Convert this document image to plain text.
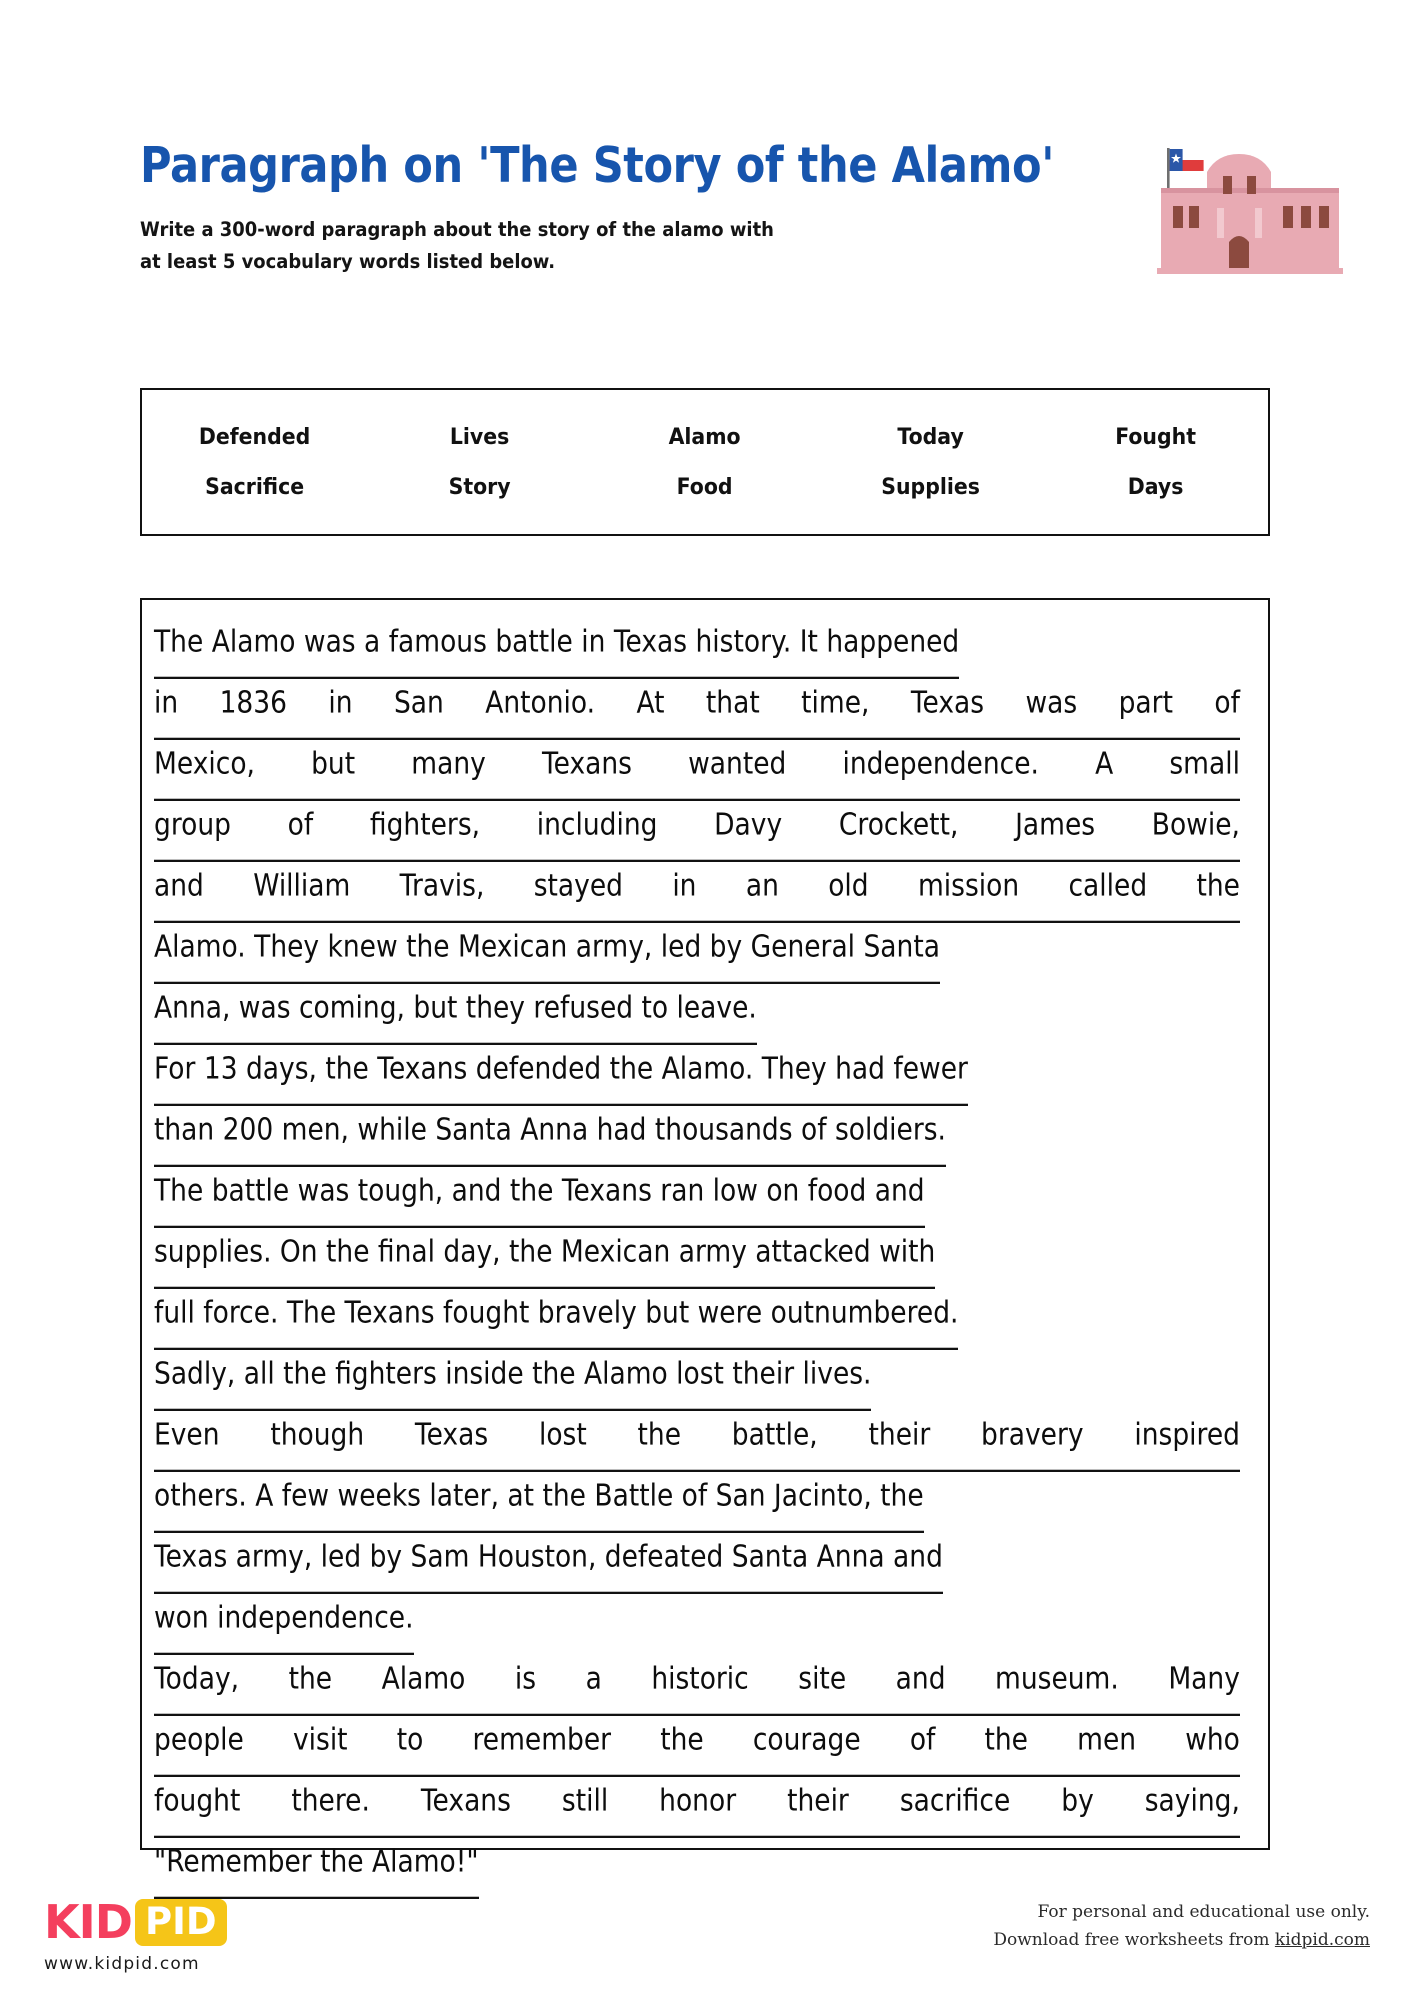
Paragraph on 'The Story of the Alamo'
Write a 300-word paragraph about the story of the alamo with
at least 5 vocabulary words listed below.
Defended	Lives	Alamo	Today	Fought
Sacrifice	Story	Food	Supplies	Days
The Alamo was a famous battle in Texas history. It happened
in 1836 in San Antonio. At that time, Texas was part of
Mexico, but many Texans wanted independence. A small
group of fighters, including Davy Crockett, James Bowie,
and William Travis, stayed in an old mission called the
Alamo. They knew the Mexican army, led by General Santa
Anna, was coming, but they refused to leave.
For 13 days, the Texans defended the Alamo. They had fewer
than 200 men, while Santa Anna had thousands of soldiers.
The battle was tough, and the Texans ran low on food and
supplies. On the final day, the Mexican army attacked with
full force. The Texans fought bravely but were outnumbered.
Sadly, all the fighters inside the Alamo lost their lives.
Even though Texas lost the battle, their bravery inspired
others. A few weeks later, at the Battle of San Jacinto, the
Texas army, led by Sam Houston, defeated Santa Anna and
won independence.
Today, the Alamo is a historic site and museum. Many
people visit to remember the courage of the men who
fought there. Texans still honor their sacrifice by saying,
"Remember the Alamo!"
KID PID
www.kidpid.com
For personal and educational use only.
Download free worksheets from kidpid.com
